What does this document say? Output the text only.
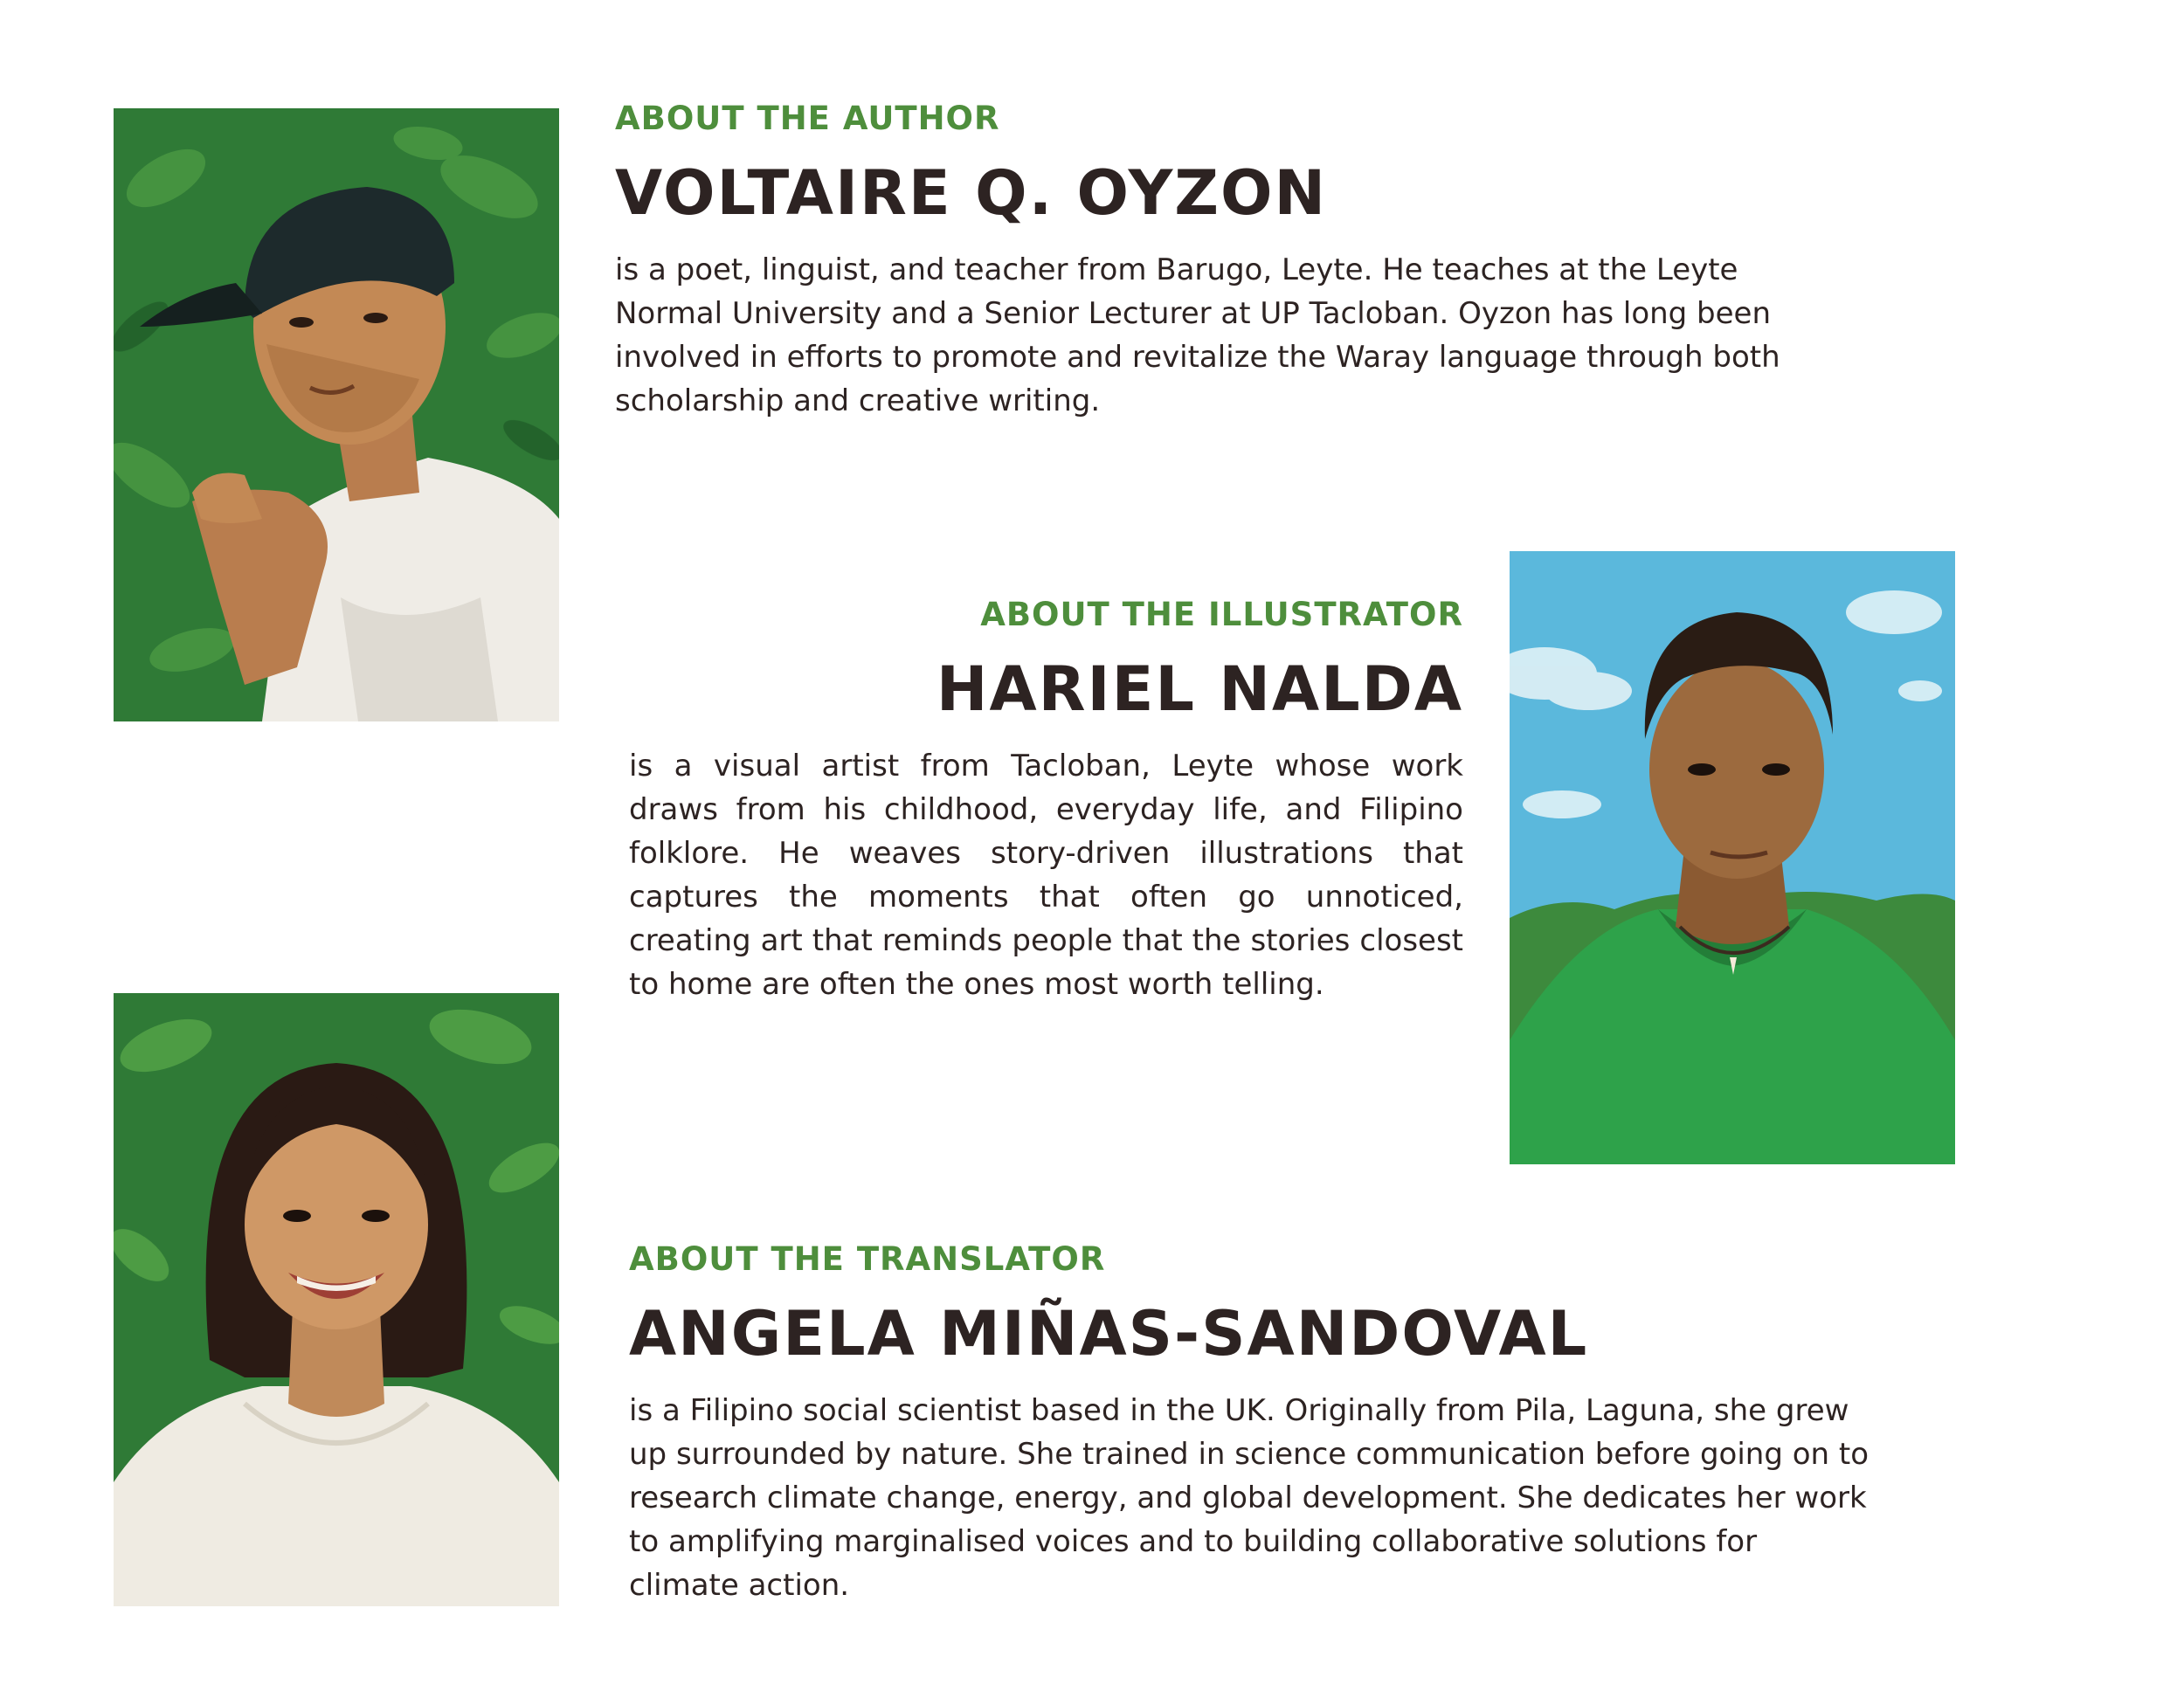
ABOUT THE AUTHOR
VOLTAIRE Q. OYZON
is a poet, linguist, and teacher from Barugo, Leyte. He teaches at the Leyte Normal University and a Senior Lecturer at UP Tacloban. Oyzon has long been involved in efforts to promote and revitalize the Waray language through both scholarship and creative writing.
ABOUT THE ILLUSTRATOR
HARIEL NALDA
is a visual artist from Tacloban, Leyte whose work draws from his childhood, everyday life, and Filipino folklore. He weaves story-driven illustrations that captures the moments that often go unnoticed, creating art that reminds people that the stories closest to home are often the ones most worth telling.
ABOUT THE TRANSLATOR
ANGELA MIÑAS-SANDOVAL
is a Filipino social scientist based in the UK. Originally from Pila, Laguna, she grew up surrounded by nature. She trained in science communication before going on to research climate change, energy, and global development. She dedicates her work to amplifying marginalised voices and to building collaborative solutions for climate action.
